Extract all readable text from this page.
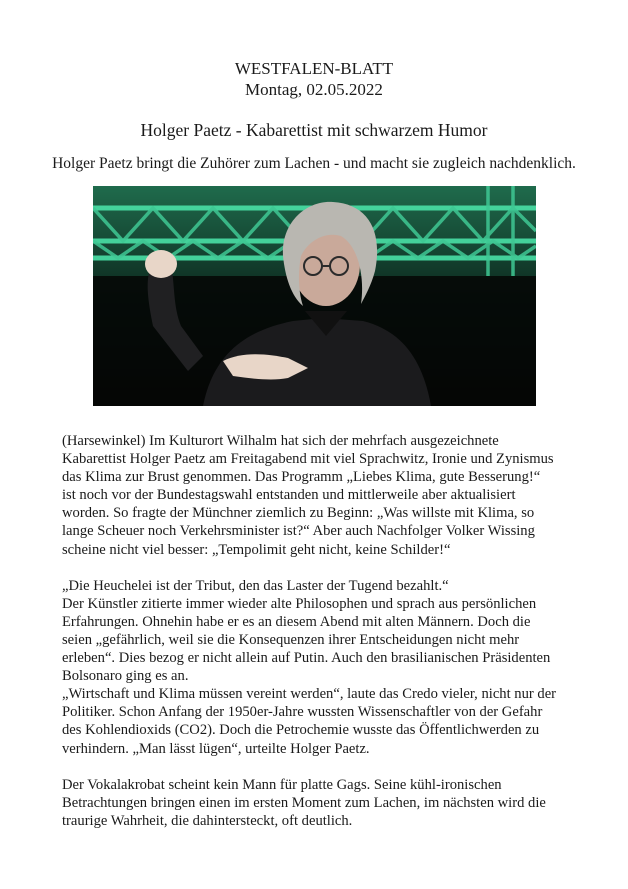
WESTFALEN-BLATT
Montag, 02.05.2022
Holger Paetz - Kabarettist mit schwarzem Humor
Holger Paetz bringt die Zuhörer zum Lachen - und macht sie zugleich nachdenklich.

(Harsewinkel) Im Kulturort Wilhalm hat sich der mehrfach ausgezeichnete
Kabarettist Holger Paetz am Freitagabend mit viel Sprachwitz, Ironie und Zynismus
das Klima zur Brust genommen. Das Programm „Liebes Klima, gute Besserung!“
ist noch vor der Bundestagswahl entstanden und mittlerweile aber aktualisiert
worden. So fragte der Münchner ziemlich zu Beginn: „Was willste mit Klima, so
lange Scheuer noch Verkehrsminister ist?“ Aber auch Nachfolger Volker Wissing
scheine nicht viel besser: „Tempolimit geht nicht, keine Schilder!“

„Die Heuchelei ist der Tribut, den das Laster der Tugend bezahlt.“
Der Künstler zitierte immer wieder alte Philosophen und sprach aus persönlichen
Erfahrungen. Ohnehin habe er es an diesem Abend mit alten Männern. Doch die
seien „gefährlich, weil sie die Konsequenzen ihrer Entscheidungen nicht mehr
erleben“. Dies bezog er nicht allein auf Putin. Auch den brasilianischen Präsidenten
Bolsonaro ging es an.
„Wirtschaft und Klima müssen vereint werden“, laute das Credo vieler, nicht nur der
Politiker. Schon Anfang der 1950er-Jahre wussten Wissenschaftler von der Gefahr
des Kohlendioxids (CO2). Doch die Petrochemie wusste das Öffentlichwerden zu
verhindern. „Man lässt lügen“, urteilte Holger Paetz.

Der Vokalakrobat scheint kein Mann für platte Gags. Seine kühl-ironischen
Betrachtungen bringen einen im ersten Moment zum Lachen, im nächsten wird die
traurige Wahrheit, die dahintersteckt, oft deutlich.
